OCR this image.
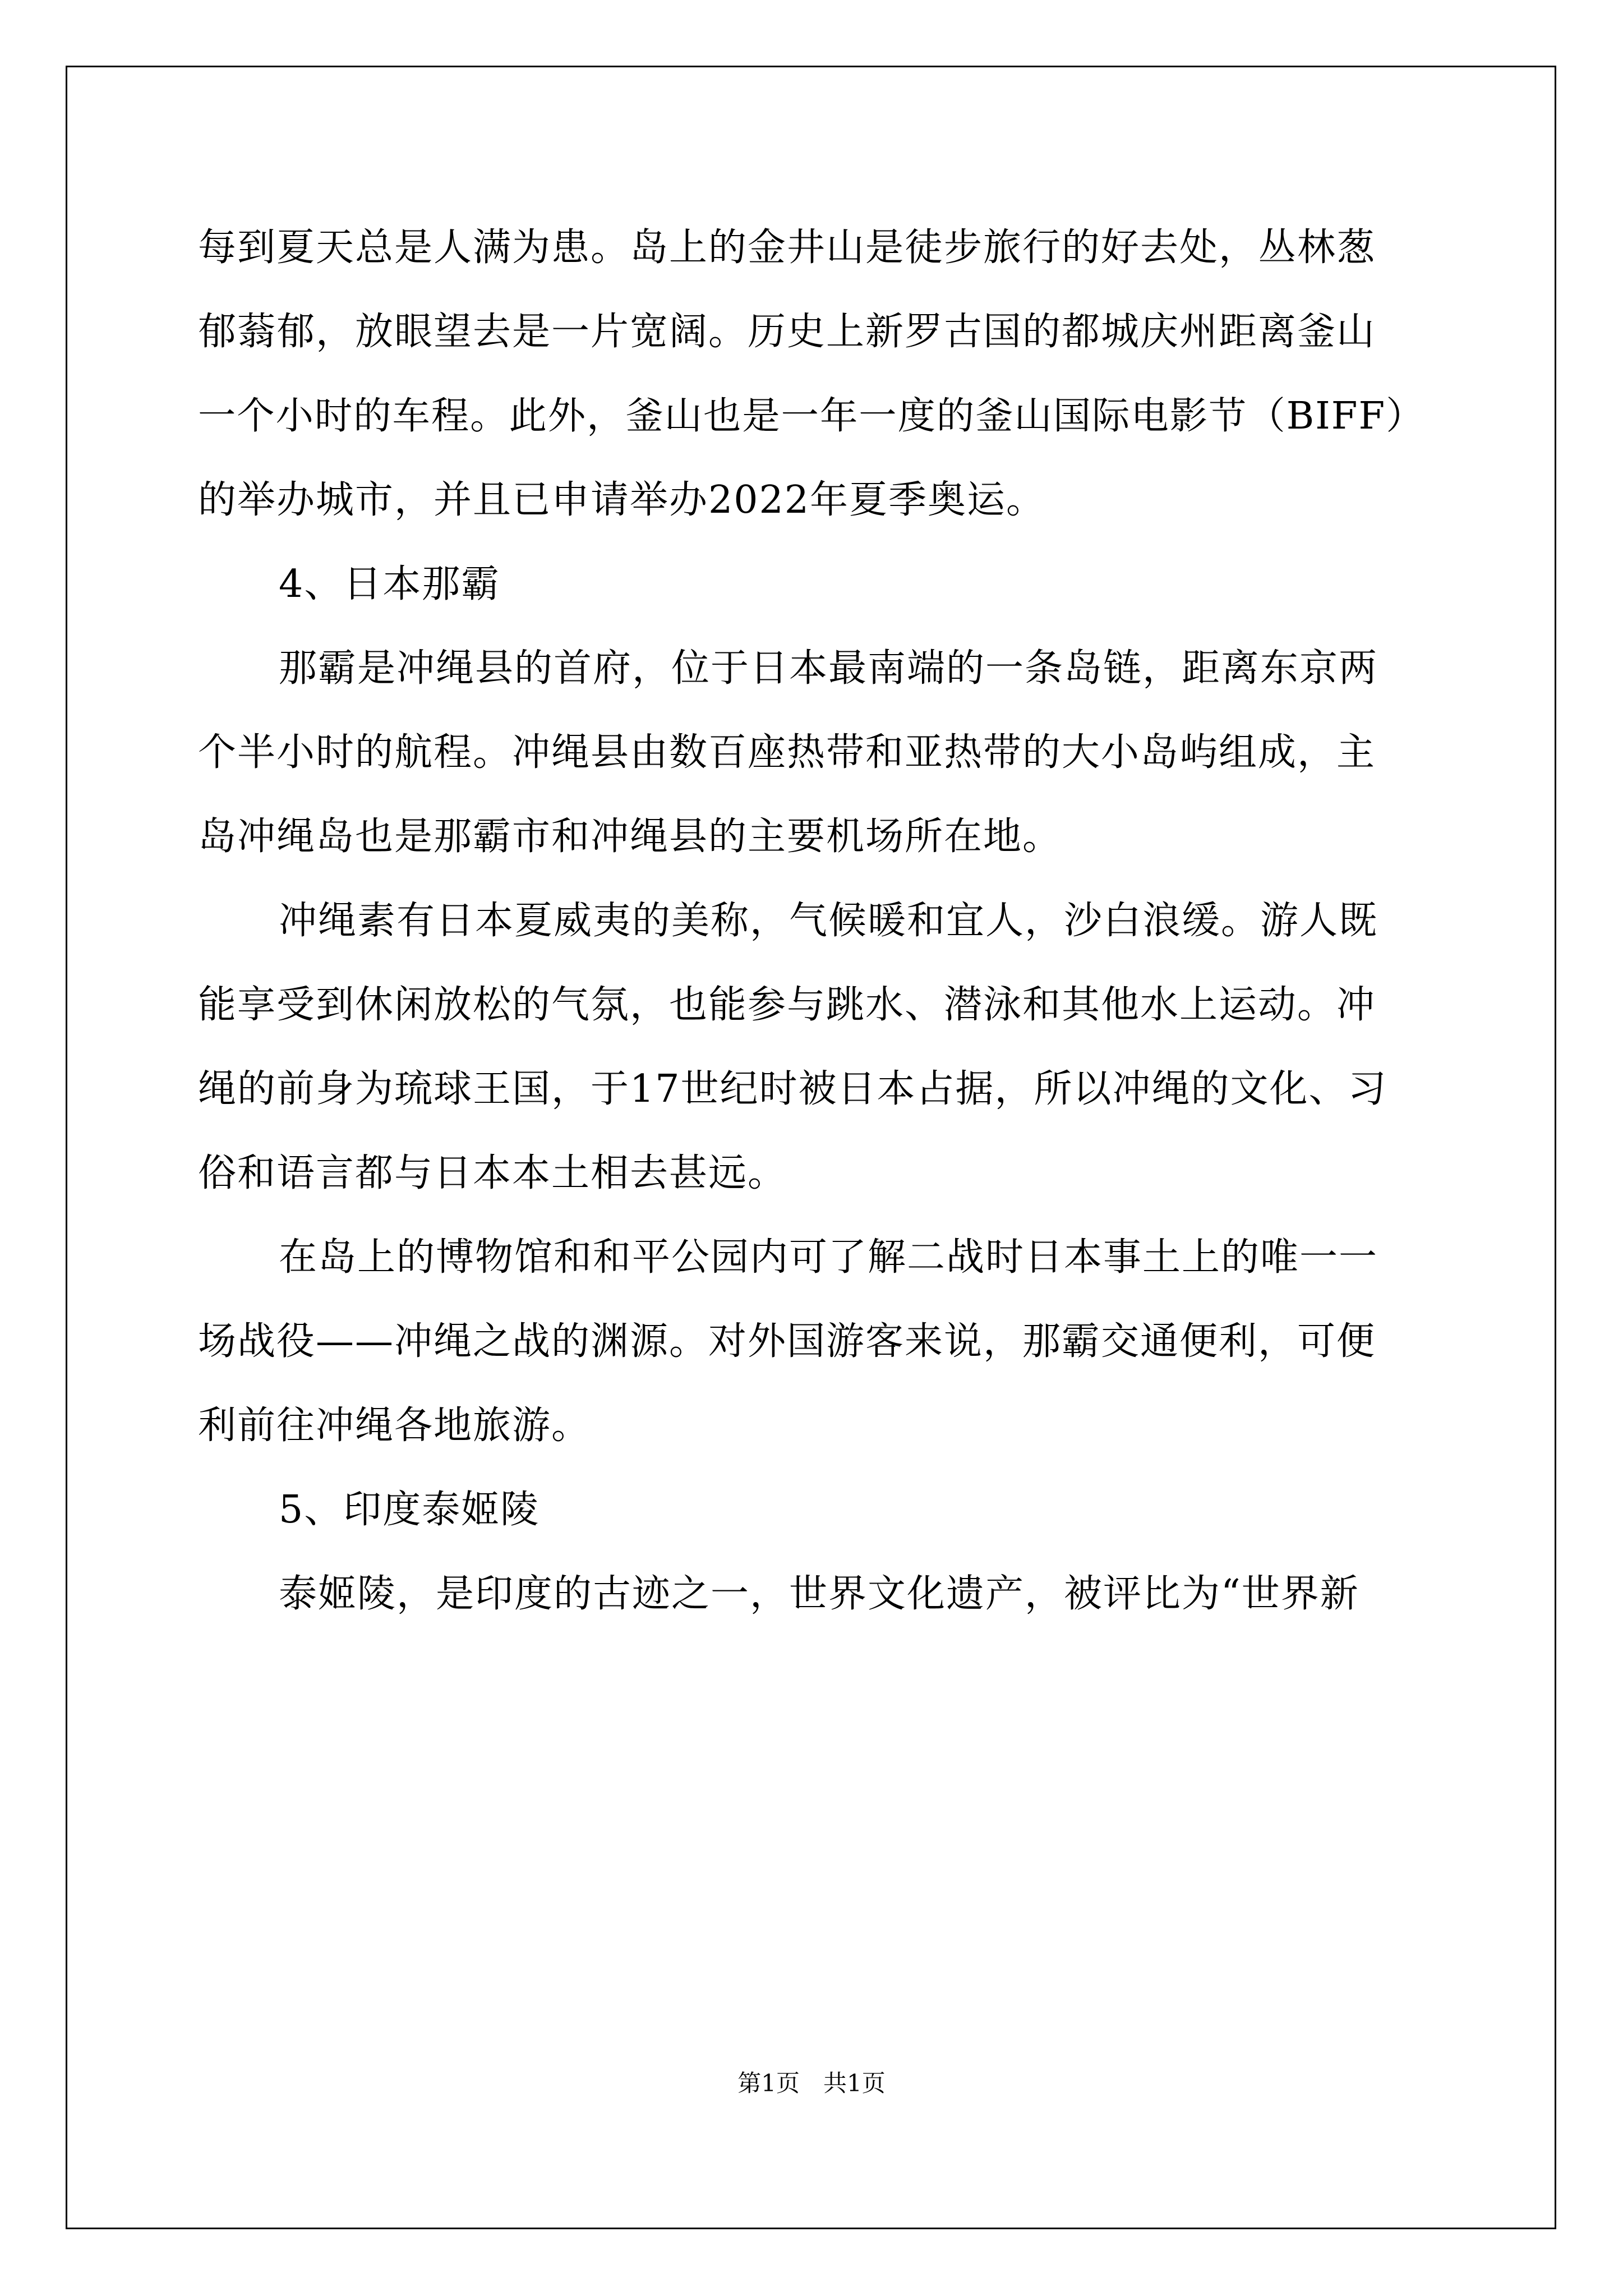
每到夏天总是人满为患。岛上的金井山是徒步旅行的好去处，丛林葱
郁蓊郁，放眼望去是一片宽阔。历史上新罗古国的都城庆州距离釜山
一个小时的车程。此外，釜山也是一年一度的釜山国际电影节（BIFF）
的举办城市，并且已申请举办2022年夏季奥运。
4、日本那霸
那霸是冲绳县的首府，位于日本最南端的一条岛链，距离东京两
个半小时的航程。冲绳县由数百座热带和亚热带的大小岛屿组成，主
岛冲绳岛也是那霸市和冲绳县的主要机场所在地。
冲绳素有日本夏威夷的美称，气候暖和宜人，沙白浪缓。游人既
能享受到休闲放松的气氛，也能参与跳水、潜泳和其他水上运动。冲
绳的前身为琉球王国，于17世纪时被日本占据，所以冲绳的文化、习
俗和语言都与日本本土相去甚远。
在岛上的博物馆和和平公园内可了解二战时日本事土上的唯一一
场战役——冲绳之战的渊源。对外国游客来说，那霸交通便利，可便
利前往冲绳各地旅游。
5、印度泰姬陵
泰姬陵，是印度的古迹之一，世界文化遗产，被评比为“世界新
第1页　共1页
